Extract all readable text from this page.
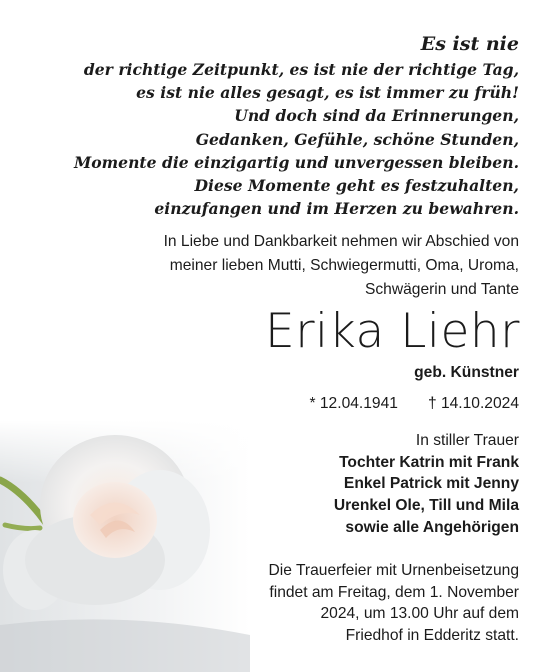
Es ist nie
der richtige Zeitpunkt, es ist nie der richtige Tag,
es ist nie alles gesagt, es ist immer zu früh!
Und doch sind da Erinnerungen,
Gedanken, Gefühle, schöne Stunden,
Momente die einzigartig und unvergessen bleiben.
Diese Momente geht es festzuhalten,
einzufangen und im Herzen zu bewahren.
In Liebe und Dankbarkeit nehmen wir Abschied von
meiner lieben Mutti, Schwiegermutti, Oma, Uroma,
Schwägerin und Tante
Erika Liehr
geb. Künstner
* 12.04.1941 † 14.10.2024
In stiller Trauer
Tochter Katrin mit Frank
Enkel Patrick mit Jenny
Urenkel Ole, Till und Mila
sowie alle Angehörigen
Die Trauerfeier mit Urnenbeisetzung
findet am Freitag, dem 1. November
2024, um 13.00 Uhr auf dem
Friedhof in Edderitz statt.
